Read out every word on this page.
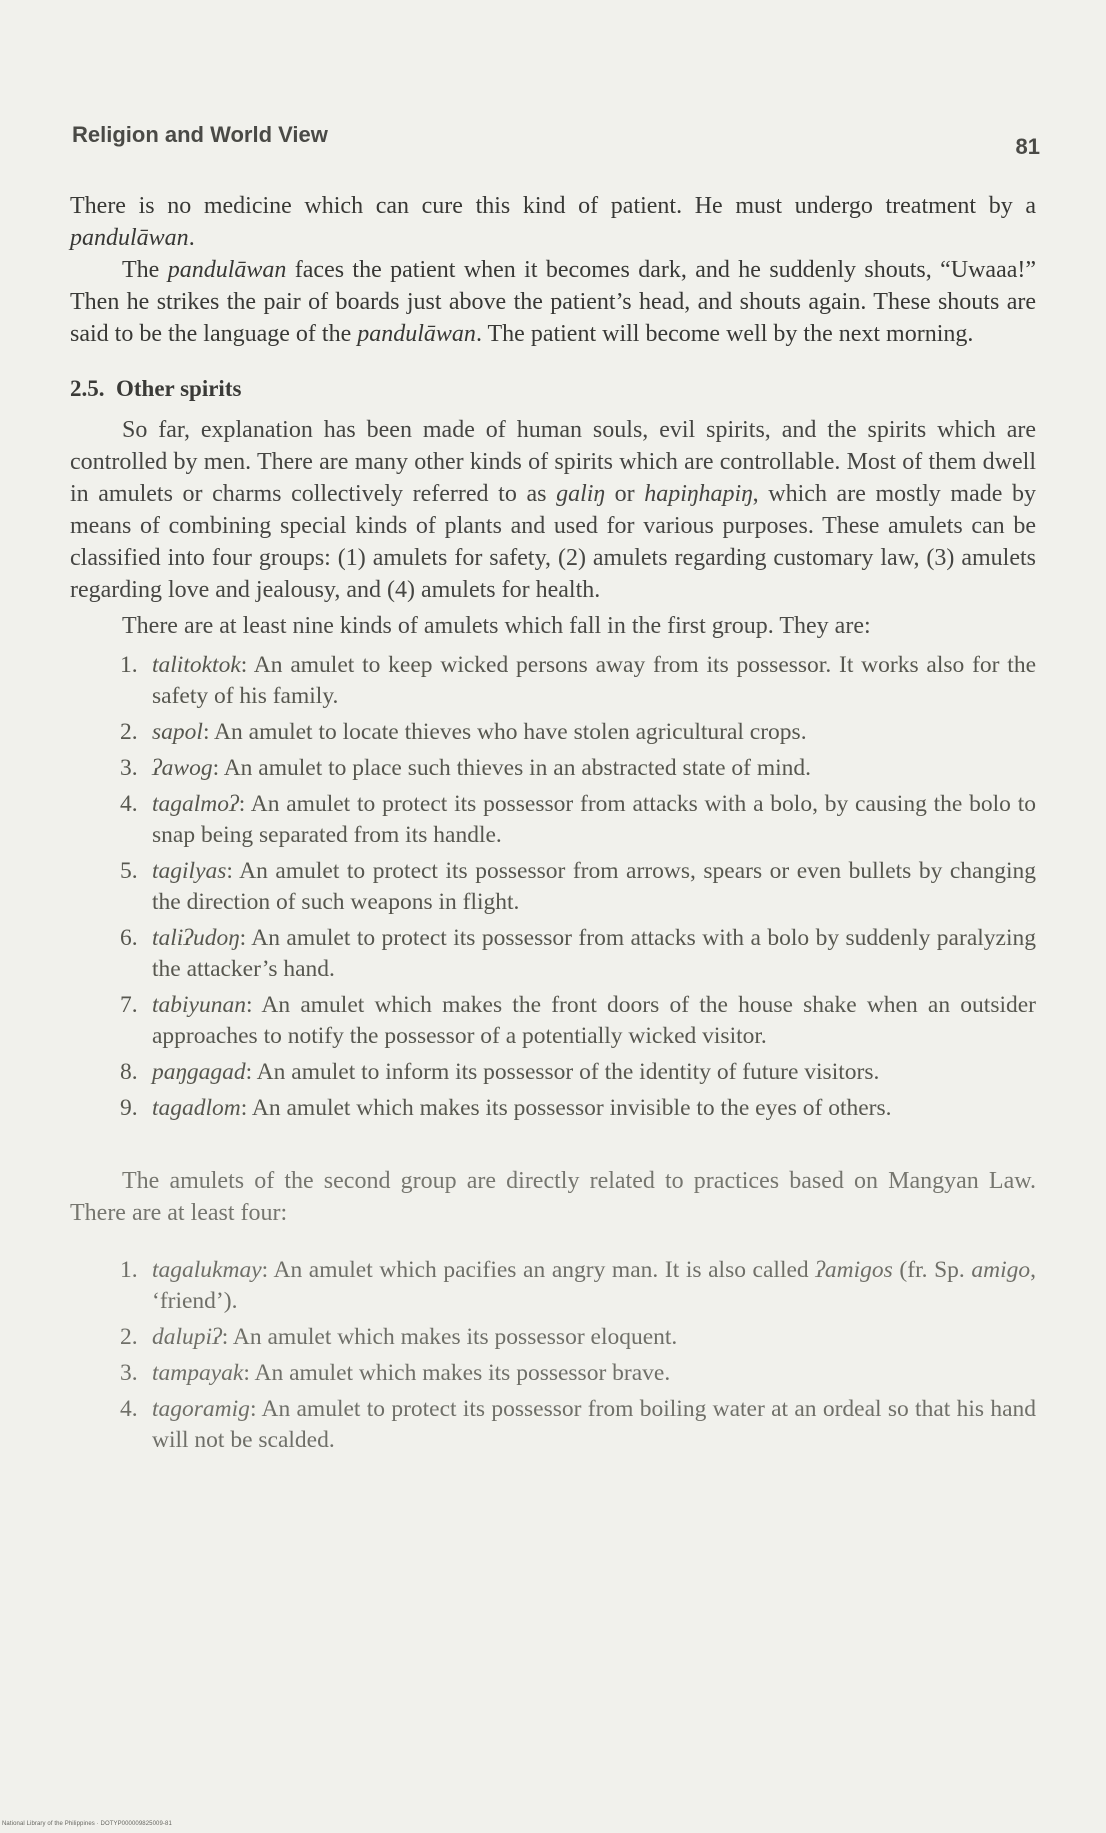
Religion and World View	81

There is no medicine which can cure this kind of patient. He must undergo treatment by a pandulāwan.

The pandulāwan faces the patient when it becomes dark, and he suddenly shouts, “Uwaaa!” Then he strikes the pair of boards just above the patient’s head, and shouts again. These shouts are said to be the language of the pandulāwan. The patient will become well by the next morning.

2.5. Other spirits

So far, explanation has been made of human souls, evil spirits, and the spirits which are controlled by men. There are many other kinds of spirits which are controllable. Most of them dwell in amulets or charms collectively referred to as galiŋ or hapiŋhapiŋ, which are mostly made by means of combining special kinds of plants and used for various purposes. These amulets can be classified into four groups: (1) amulets for safety, (2) amulets regarding customary law, (3) amulets regarding love and jealousy, and (4) amulets for health.

There are at least nine kinds of amulets which fall in the first group. They are:

1. talitoktok: An amulet to keep wicked persons away from its possessor. It works also for the safety of his family.
2. sapol: An amulet to locate thieves who have stolen agricultural crops.
3. ʔawog: An amulet to place such thieves in an abstracted state of mind.
4. tagalmoʔ: An amulet to protect its possessor from attacks with a bolo, by causing the bolo to snap being separated from its handle.
5. tagilyas: An amulet to protect its possessor from arrows, spears or even bullets by changing the direction of such weapons in flight.
6. taliʔudoŋ: An amulet to protect its possessor from attacks with a bolo by suddenly paralyzing the attacker’s hand.
7. tabiyunan: An amulet which makes the front doors of the house shake when an outsider approaches to notify the possessor of a potentially wicked visitor.
8. paŋgagad: An amulet to inform its possessor of the identity of future visitors.
9. tagadlom: An amulet which makes its possessor invisible to the eyes of others.

The amulets of the second group are directly related to practices based on Mangyan Law. There are at least four:

1. tagalukmay: An amulet which pacifies an angry man. It is also called ʔamigos (fr. Sp. amigo, ‘friend’).
2. dalupiʔ: An amulet which makes its possessor eloquent.
3. tampayak: An amulet which makes its possessor brave.
4. tagoramig: An amulet to protect its possessor from boiling water at an ordeal so that his hand will not be scalded.
National Library of the Philippines · DOTYP000009825009-81
